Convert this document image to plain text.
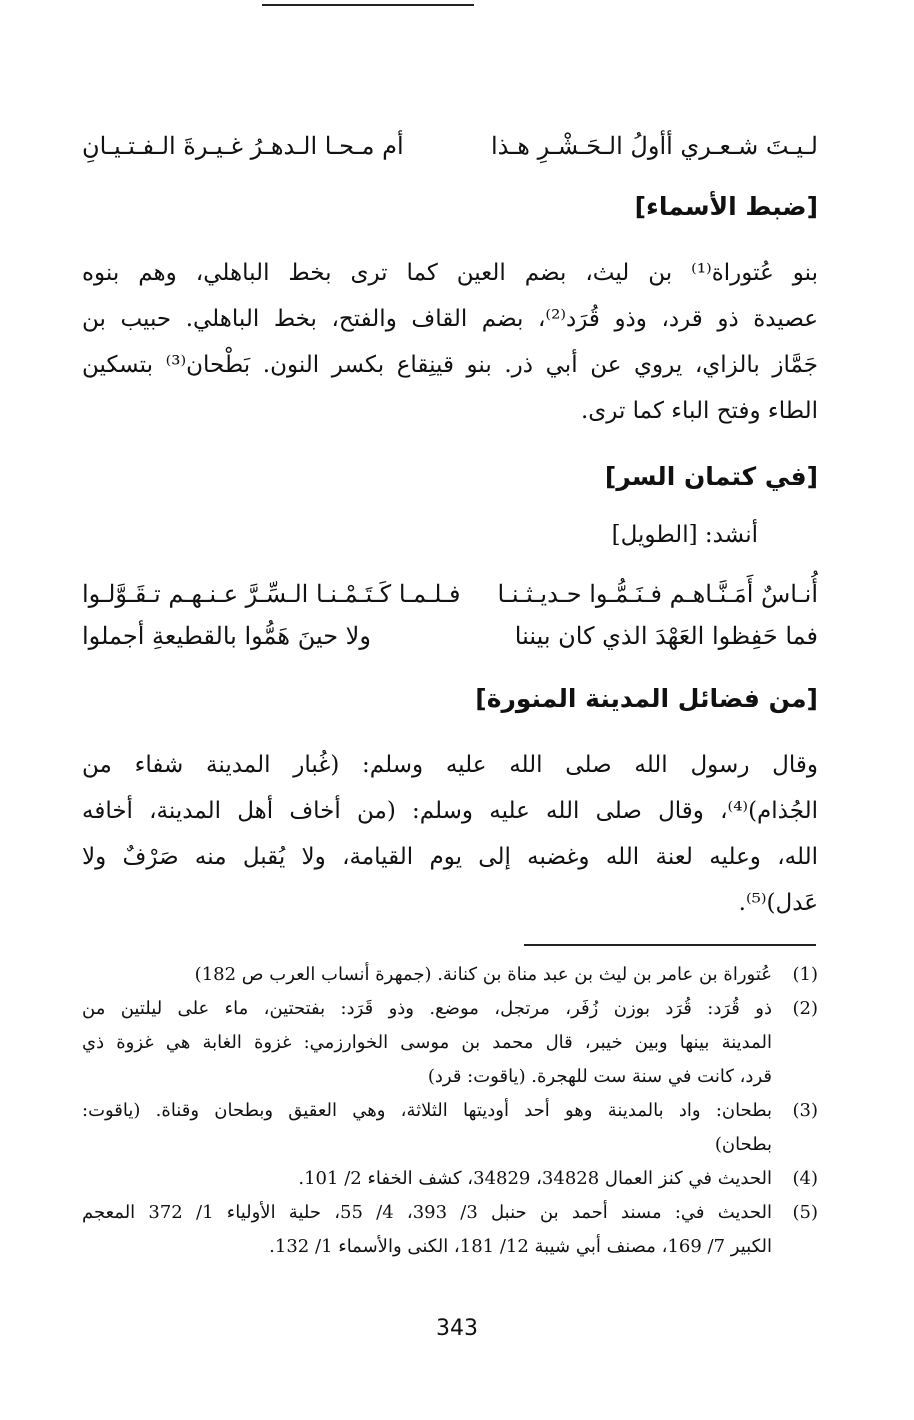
لـيـتَ شـعـري أأولُ الـحَـشْـرِ هـذا
أم مـحـا الـدهـرُ غـيـرةَ الـفـتـيـانِ
[ضبط الأسماء]
بنو عُتوراة⁽¹⁾ بن ليث، بضم العين كما ترى بخط الباهلي، وهم بنوه
عصيدة ذو قرد، وذو قُرَد⁽²⁾، بضم القاف والفتح، بخط الباهلي. حبيب بن
جَمَّاز بالزاي، يروي عن أبي ذر. بنو قينِقاع بكسر النون. بَطْحان⁽³⁾ بتسكين
الطاء وفتح الباء كما ترى.
[في كتمان السر]
أنشد: [الطويل]
أُنـاسٌ أَمَـنَّـاهـم فـنَـمُّـوا حـديـثـنـا
فـلـمـا كَـتَـمْـنـا الـسِّـرَّ عـنـهـم تـقَـوَّلـوا
فما حَفِظوا العَهْدَ الذي كان بيننا
ولا حينَ هَمُّوا بالقطيعةِ أجملوا
[من فضائل المدينة المنورة]
وقال رسول الله صلى الله عليه وسلم: (غُبار المدينة شفاء من
الجُذام)⁽⁴⁾، وقال صلى الله عليه وسلم: (من أخاف أهل المدينة، أخافه
الله، وعليه لعنة الله وغضبه إلى يوم القيامة، ولا يُقبل منه صَرْفٌ ولا
عَدل)⁽⁵⁾.
(1)
عُتوراة بن عامر بن ليث بن عبد مناة بن كنانة. (جمهرة أنساب العرب ص 182)
(2)
ذو قُرَد: قُرَد بوزن زُفَر، مرتجل، موضع. وذو قَرَد: بفتحتين، ماء على ليلتين من
المدينة بينها وبين خيبر، قال محمد بن موسى الخوارزمي: غزوة الغابة هي غزوة ذي
قرد، كانت في سنة ست للهجرة. (ياقوت: قرد)
(3)
بطحان: واد بالمدينة وهو أحد أوديتها الثلاثة، وهي العقيق وبطحان وقناة. (ياقوت:
بطحان)
(4)
الحديث في كنز العمال 34828، 34829، كشف الخفاء 2/ 101.
(5)
الحديث في: مسند أحمد بن حنبل 3/ 393، 4/ 55، حلية الأولياء 1/ 372 المعجم
الكبير 7/ 169، مصنف أبي شيبة 12/ 181، الكنى والأسماء 1/ 132.
343
